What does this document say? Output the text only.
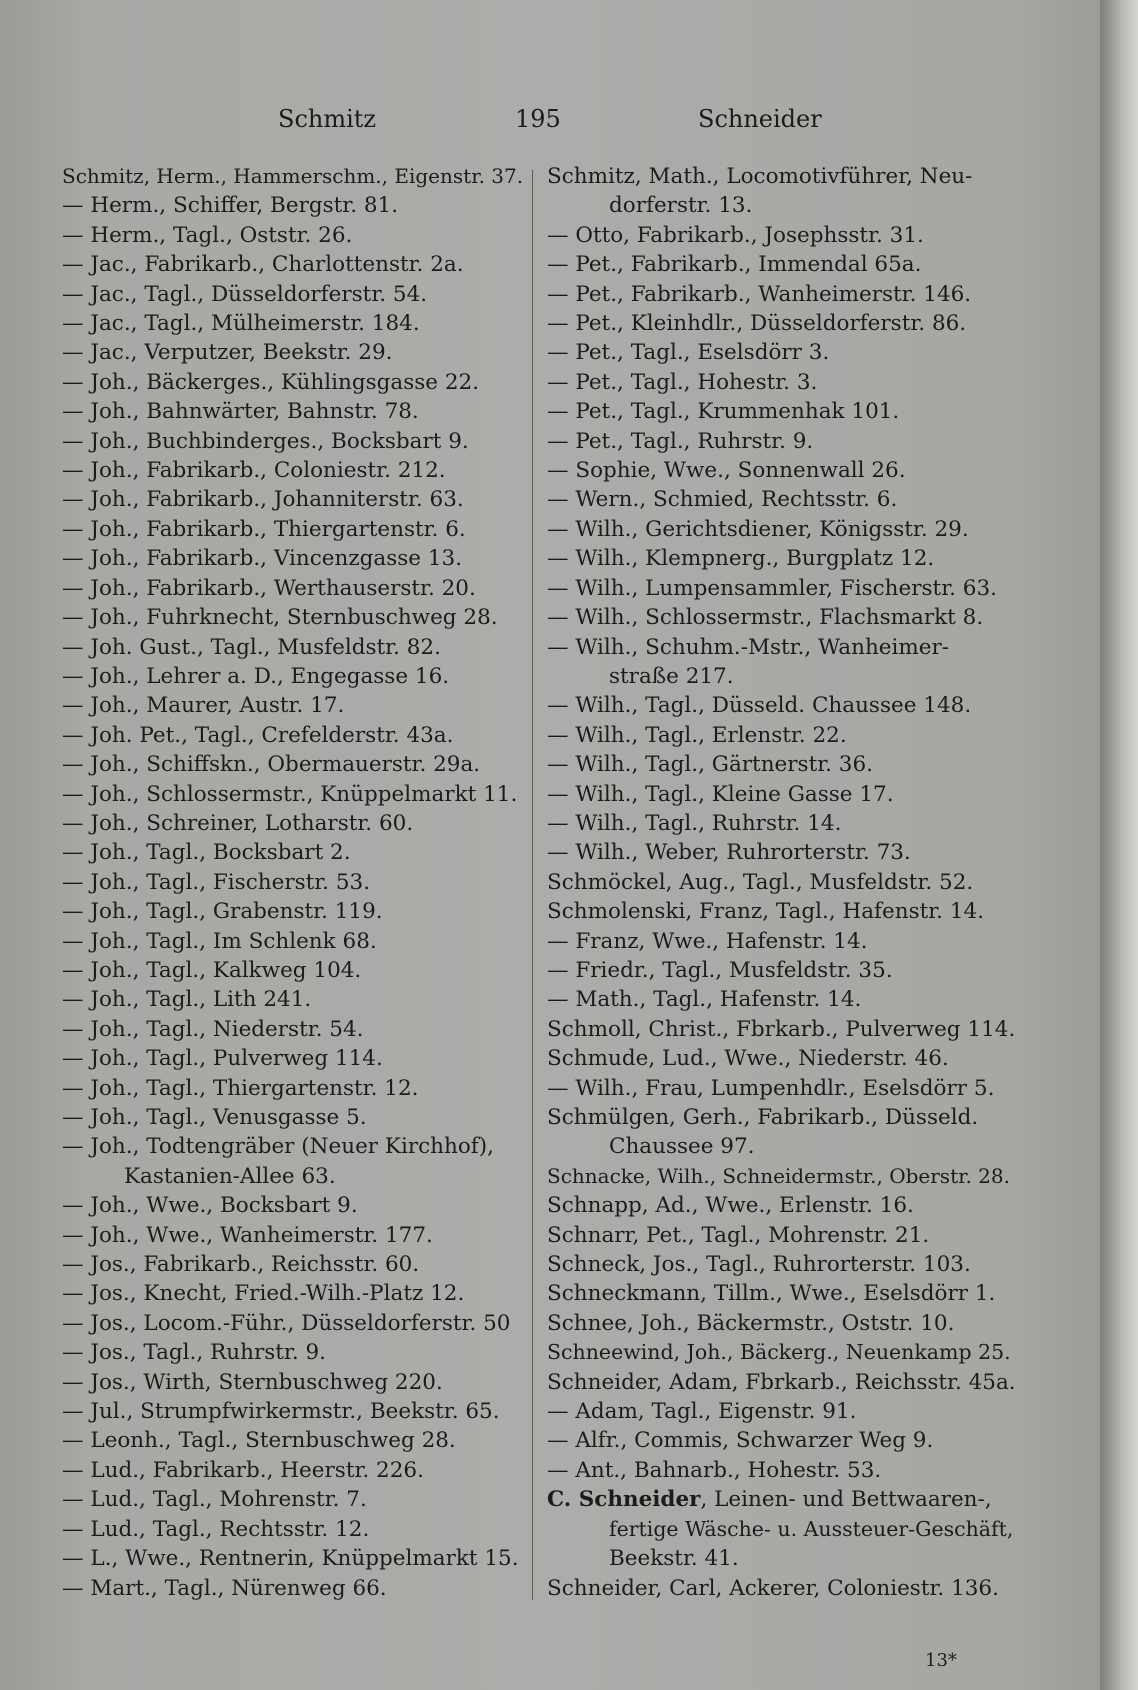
Schmitz	195	Schneider
Schmitz, Herm., Hammerschm., Eigenstr. 37.
— Herm., Schiffer, Bergstr. 81.
— Herm., Tagl., Oststr. 26.
— Jac., Fabrikarb., Charlottenstr. 2a.
— Jac., Tagl., Düsseldorferstr. 54.
— Jac., Tagl., Mülheimerstr. 184.
— Jac., Verputzer, Beekstr. 29.
— Joh., Bäckerges., Kühlingsgasse 22.
— Joh., Bahnwärter, Bahnstr. 78.
— Joh., Buchbinderges., Bocksbart 9.
— Joh., Fabrikarb., Coloniestr. 212.
— Joh., Fabrikarb., Johanniterstr. 63.
— Joh., Fabrikarb., Thiergartenstr. 6.
— Joh., Fabrikarb., Vincenzgasse 13.
— Joh., Fabrikarb., Werthauserstr. 20.
— Joh., Fuhrknecht, Sternbuschweg 28.
— Joh. Gust., Tagl., Musfeldstr. 82.
— Joh., Lehrer a. D., Engegasse 16.
— Joh., Maurer, Austr. 17.
— Joh. Pet., Tagl., Crefelderstr. 43a.
— Joh., Schiffskn., Obermauerstr. 29a.
— Joh., Schlossermstr., Knüppelmarkt 11.
— Joh., Schreiner, Lotharstr. 60.
— Joh., Tagl., Bocksbart 2.
— Joh., Tagl., Fischerstr. 53.
— Joh., Tagl., Grabenstr. 119.
— Joh., Tagl., Im Schlenk 68.
— Joh., Tagl., Kalkweg 104.
— Joh., Tagl., Lith 241.
— Joh., Tagl., Niederstr. 54.
— Joh., Tagl., Pulverweg 114.
— Joh., Tagl., Thiergartenstr. 12.
— Joh., Tagl., Venusgasse 5.
— Joh., Todtengräber (Neuer Kirchhof),
Kastanien-Allee 63.
— Joh., Wwe., Bocksbart 9.
— Joh., Wwe., Wanheimerstr. 177.
— Jos., Fabrikarb., Reichsstr. 60.
— Jos., Knecht, Fried.-Wilh.-Platz 12.
— Jos., Locom.-Führ., Düsseldorferstr. 50
— Jos., Tagl., Ruhrstr. 9.
— Jos., Wirth, Sternbuschweg 220.
— Jul., Strumpfwirkermstr., Beekstr. 65.
— Leonh., Tagl., Sternbuschweg 28.
— Lud., Fabrikarb., Heerstr. 226.
— Lud., Tagl., Mohrenstr. 7.
— Lud., Tagl., Rechtsstr. 12.
— L., Wwe., Rentnerin, Knüppelmarkt 15.
— Mart., Tagl., Nürenweg 66.
Schmitz, Math., Locomotivführer, Neu-
dorferstr. 13.
— Otto, Fabrikarb., Josephsstr. 31.
— Pet., Fabrikarb., Immendal 65a.
— Pet., Fabrikarb., Wanheimerstr. 146.
— Pet., Kleinhdlr., Düsseldorferstr. 86.
— Pet., Tagl., Eselsdörr 3.
— Pet., Tagl., Hohestr. 3.
— Pet., Tagl., Krummenhak 101.
— Pet., Tagl., Ruhrstr. 9.
— Sophie, Wwe., Sonnenwall 26.
— Wern., Schmied, Rechtsstr. 6.
— Wilh., Gerichtsdiener, Königsstr. 29.
— Wilh., Klempnerg., Burgplatz 12.
— Wilh., Lumpensammler, Fischerstr. 63.
— Wilh., Schlossermstr., Flachsmarkt 8.
— Wilh., Schuhm.-Mstr., Wanheimer-
straße 217.
— Wilh., Tagl., Düsseld. Chaussee 148.
— Wilh., Tagl., Erlenstr. 22.
— Wilh., Tagl., Gärtnerstr. 36.
— Wilh., Tagl., Kleine Gasse 17.
— Wilh., Tagl., Ruhrstr. 14.
— Wilh., Weber, Ruhrorterstr. 73.
Schmöckel, Aug., Tagl., Musfeldstr. 52.
Schmolenski, Franz, Tagl., Hafenstr. 14.
— Franz, Wwe., Hafenstr. 14.
— Friedr., Tagl., Musfeldstr. 35.
— Math., Tagl., Hafenstr. 14.
Schmoll, Christ., Fbrkarb., Pulverweg 114.
Schmude, Lud., Wwe., Niederstr. 46.
— Wilh., Frau, Lumpenhdlr., Eselsdörr 5.
Schmülgen, Gerh., Fabrikarb., Düsseld.
Chaussee 97.
Schnacke, Wilh., Schneidermstr., Oberstr. 28.
Schnapp, Ad., Wwe., Erlenstr. 16.
Schnarr, Pet., Tagl., Mohrenstr. 21.
Schneck, Jos., Tagl., Ruhrorterstr. 103.
Schneckmann, Tillm., Wwe., Eselsdörr 1.
Schnee, Joh., Bäckermstr., Oststr. 10.
Schneewind, Joh., Bäckerg., Neuenkamp 25.
Schneider, Adam, Fbrkarb., Reichsstr. 45a.
— Adam, Tagl., Eigenstr. 91.
— Alfr., Commis, Schwarzer Weg 9.
— Ant., Bahnarb., Hohestr. 53.
C. Schneider, Leinen- und Bettwaaren-,
fertige Wäsche- u. Aussteuer-Geschäft,
Beekstr. 41.
Schneider, Carl, Ackerer, Coloniestr. 136.
13*
